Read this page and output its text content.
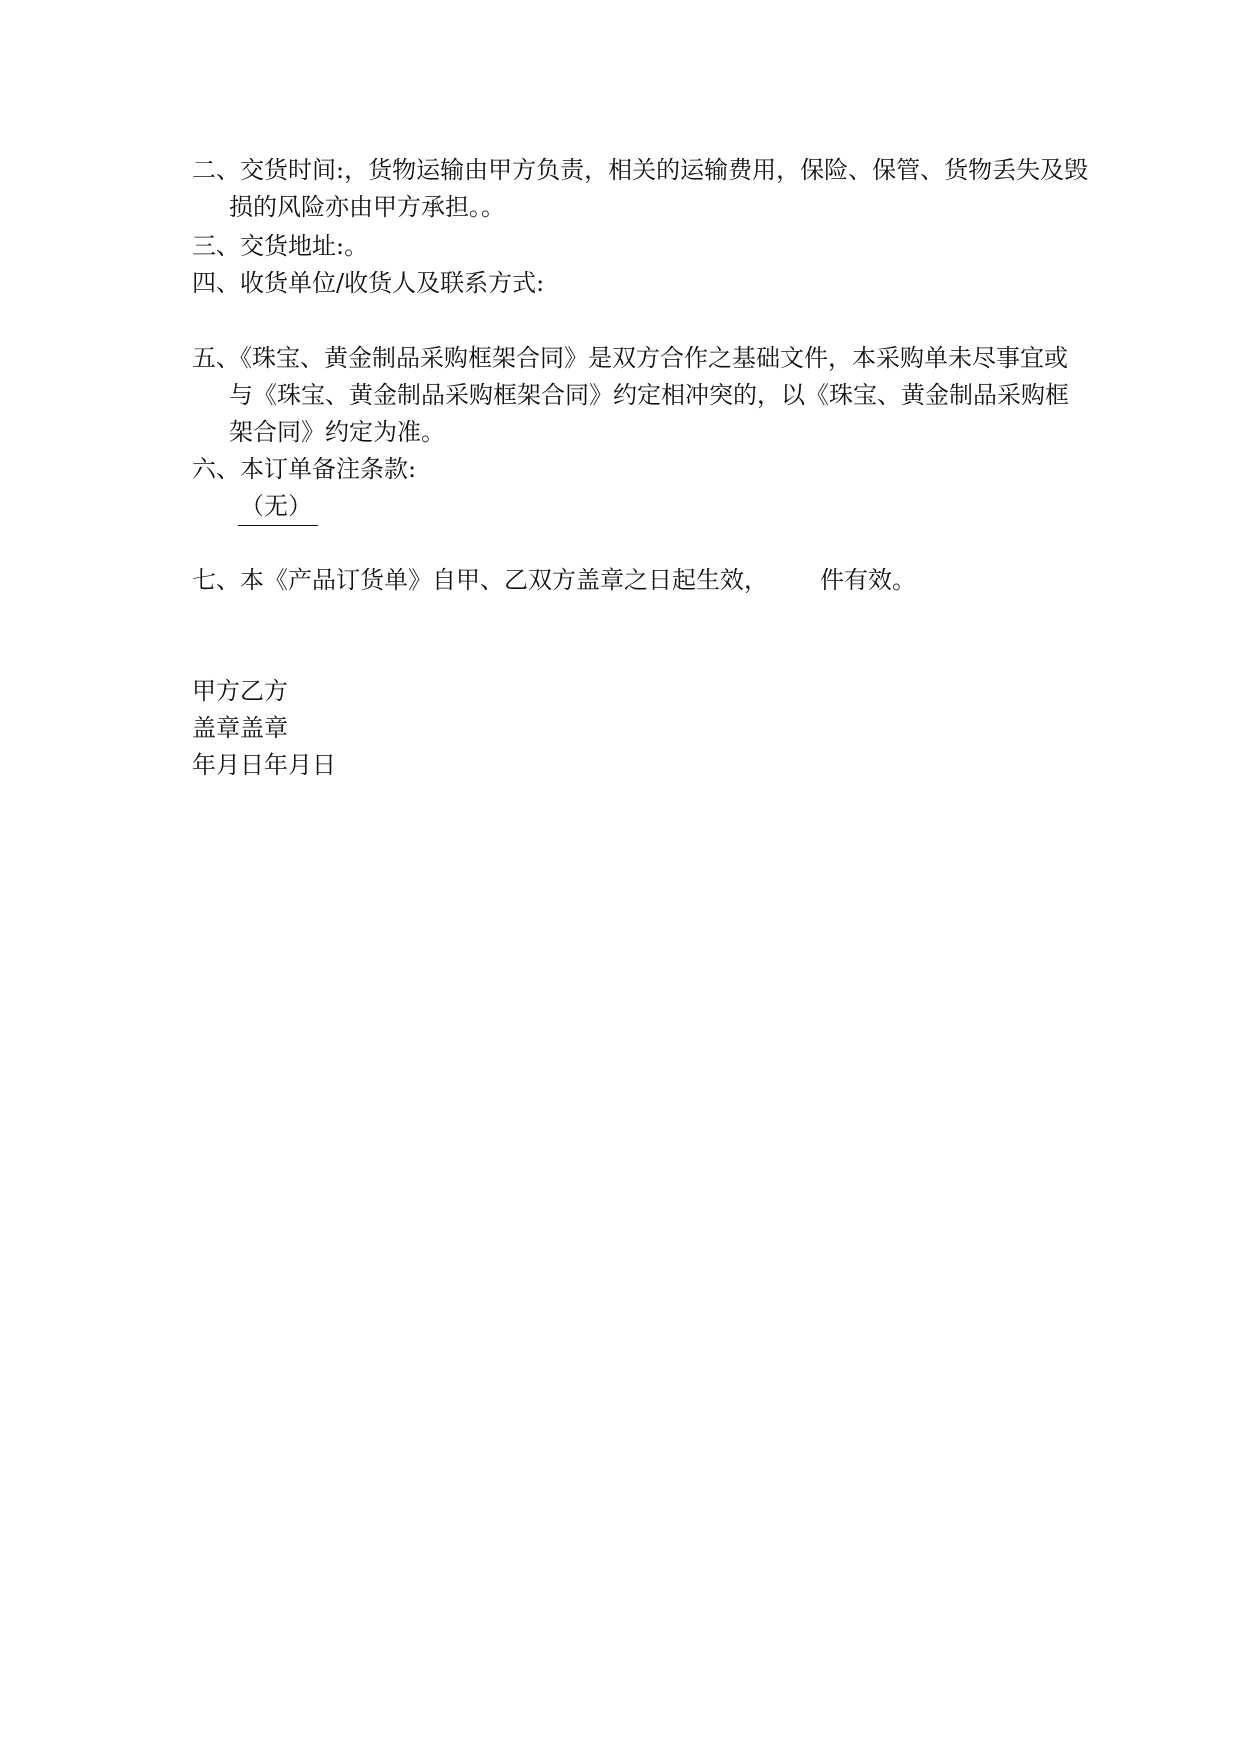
二、交货时间:，货物运输由甲方负责，相关的运输费用，保险、保管、货物丢失及毁损的风险亦由甲方承担。。
三、交货地址:。
四、收货单位/收货人及联系方式:
五、《珠宝、黄金制品采购框架合同》是双方合作之基础文件，本采购单未尽事宜或与《珠宝、黄金制品采购框架合同》约定相冲突的，以《珠宝、黄金制品采购框架合同》约定为准。
六、本订单备注条款:
（无）
七、本《产品订货单》自甲、乙双方盖章之日起生效， 件有效。
甲方乙方
盖章盖章
年月日年月日
